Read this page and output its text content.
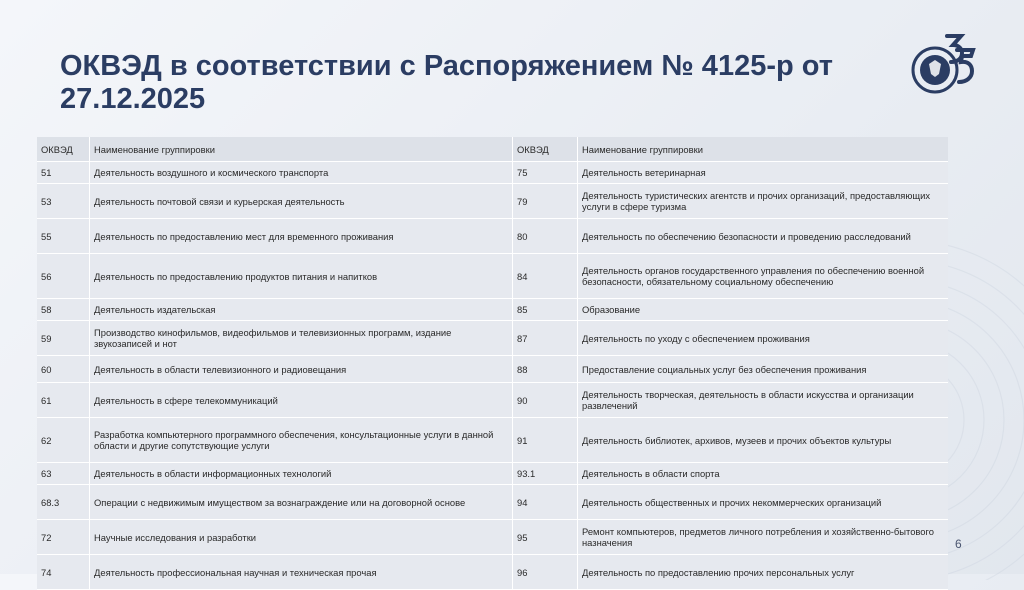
ОКВЭД в соответствии с Распоряжением № 4125-р от 27.12.2025
ОКВЭД	Наименование группировки	ОКВЭД	Наименование группировки
51	Деятельность воздушного и космического транспорта	75	Деятельность ветеринарная
53	Деятельность почтовой связи и курьерская деятельность	79	Деятельность туристических агентств и прочих организаций, предоставляющих услуги в сфере туризма
55	Деятельность по предоставлению мест для временного проживания	80	Деятельность по обеспечению безопасности и проведению расследований
56	Деятельность по предоставлению продуктов питания и напитков	84	Деятельность органов государственного управления по обеспечению военной безопасности, обязательному социальному обеспечению
58	Деятельность издательская	85	Образование
59	Производство кинофильмов, видеофильмов и телевизионных программ, издание звукозаписей и нот	87	Деятельность по уходу с обеспечением проживания
60	Деятельность в области телевизионного и радиовещания	88	Предоставление социальных услуг без обеспечения проживания
61	Деятельность в сфере телекоммуникаций	90	Деятельность творческая, деятельность в области искусства и организации развлечений
62	Разработка компьютерного программного обеспечения, консультационные услуги в данной области и другие сопутствующие услуги	91	Деятельность библиотек, архивов, музеев и прочих объектов культуры
63	Деятельность в области информационных технологий	93.1	Деятельность в области спорта
68.3	Операции с недвижимым имуществом за вознаграждение или на договорной основе	94	Деятельность общественных и прочих некоммерческих организаций
72	Научные исследования и разработки	95	Ремонт компьютеров, предметов личного потребления и хозяйственно-бытового назначения
74	Деятельность профессиональная научная и техническая прочая	96	Деятельность по предоставлению прочих персональных услуг
6
